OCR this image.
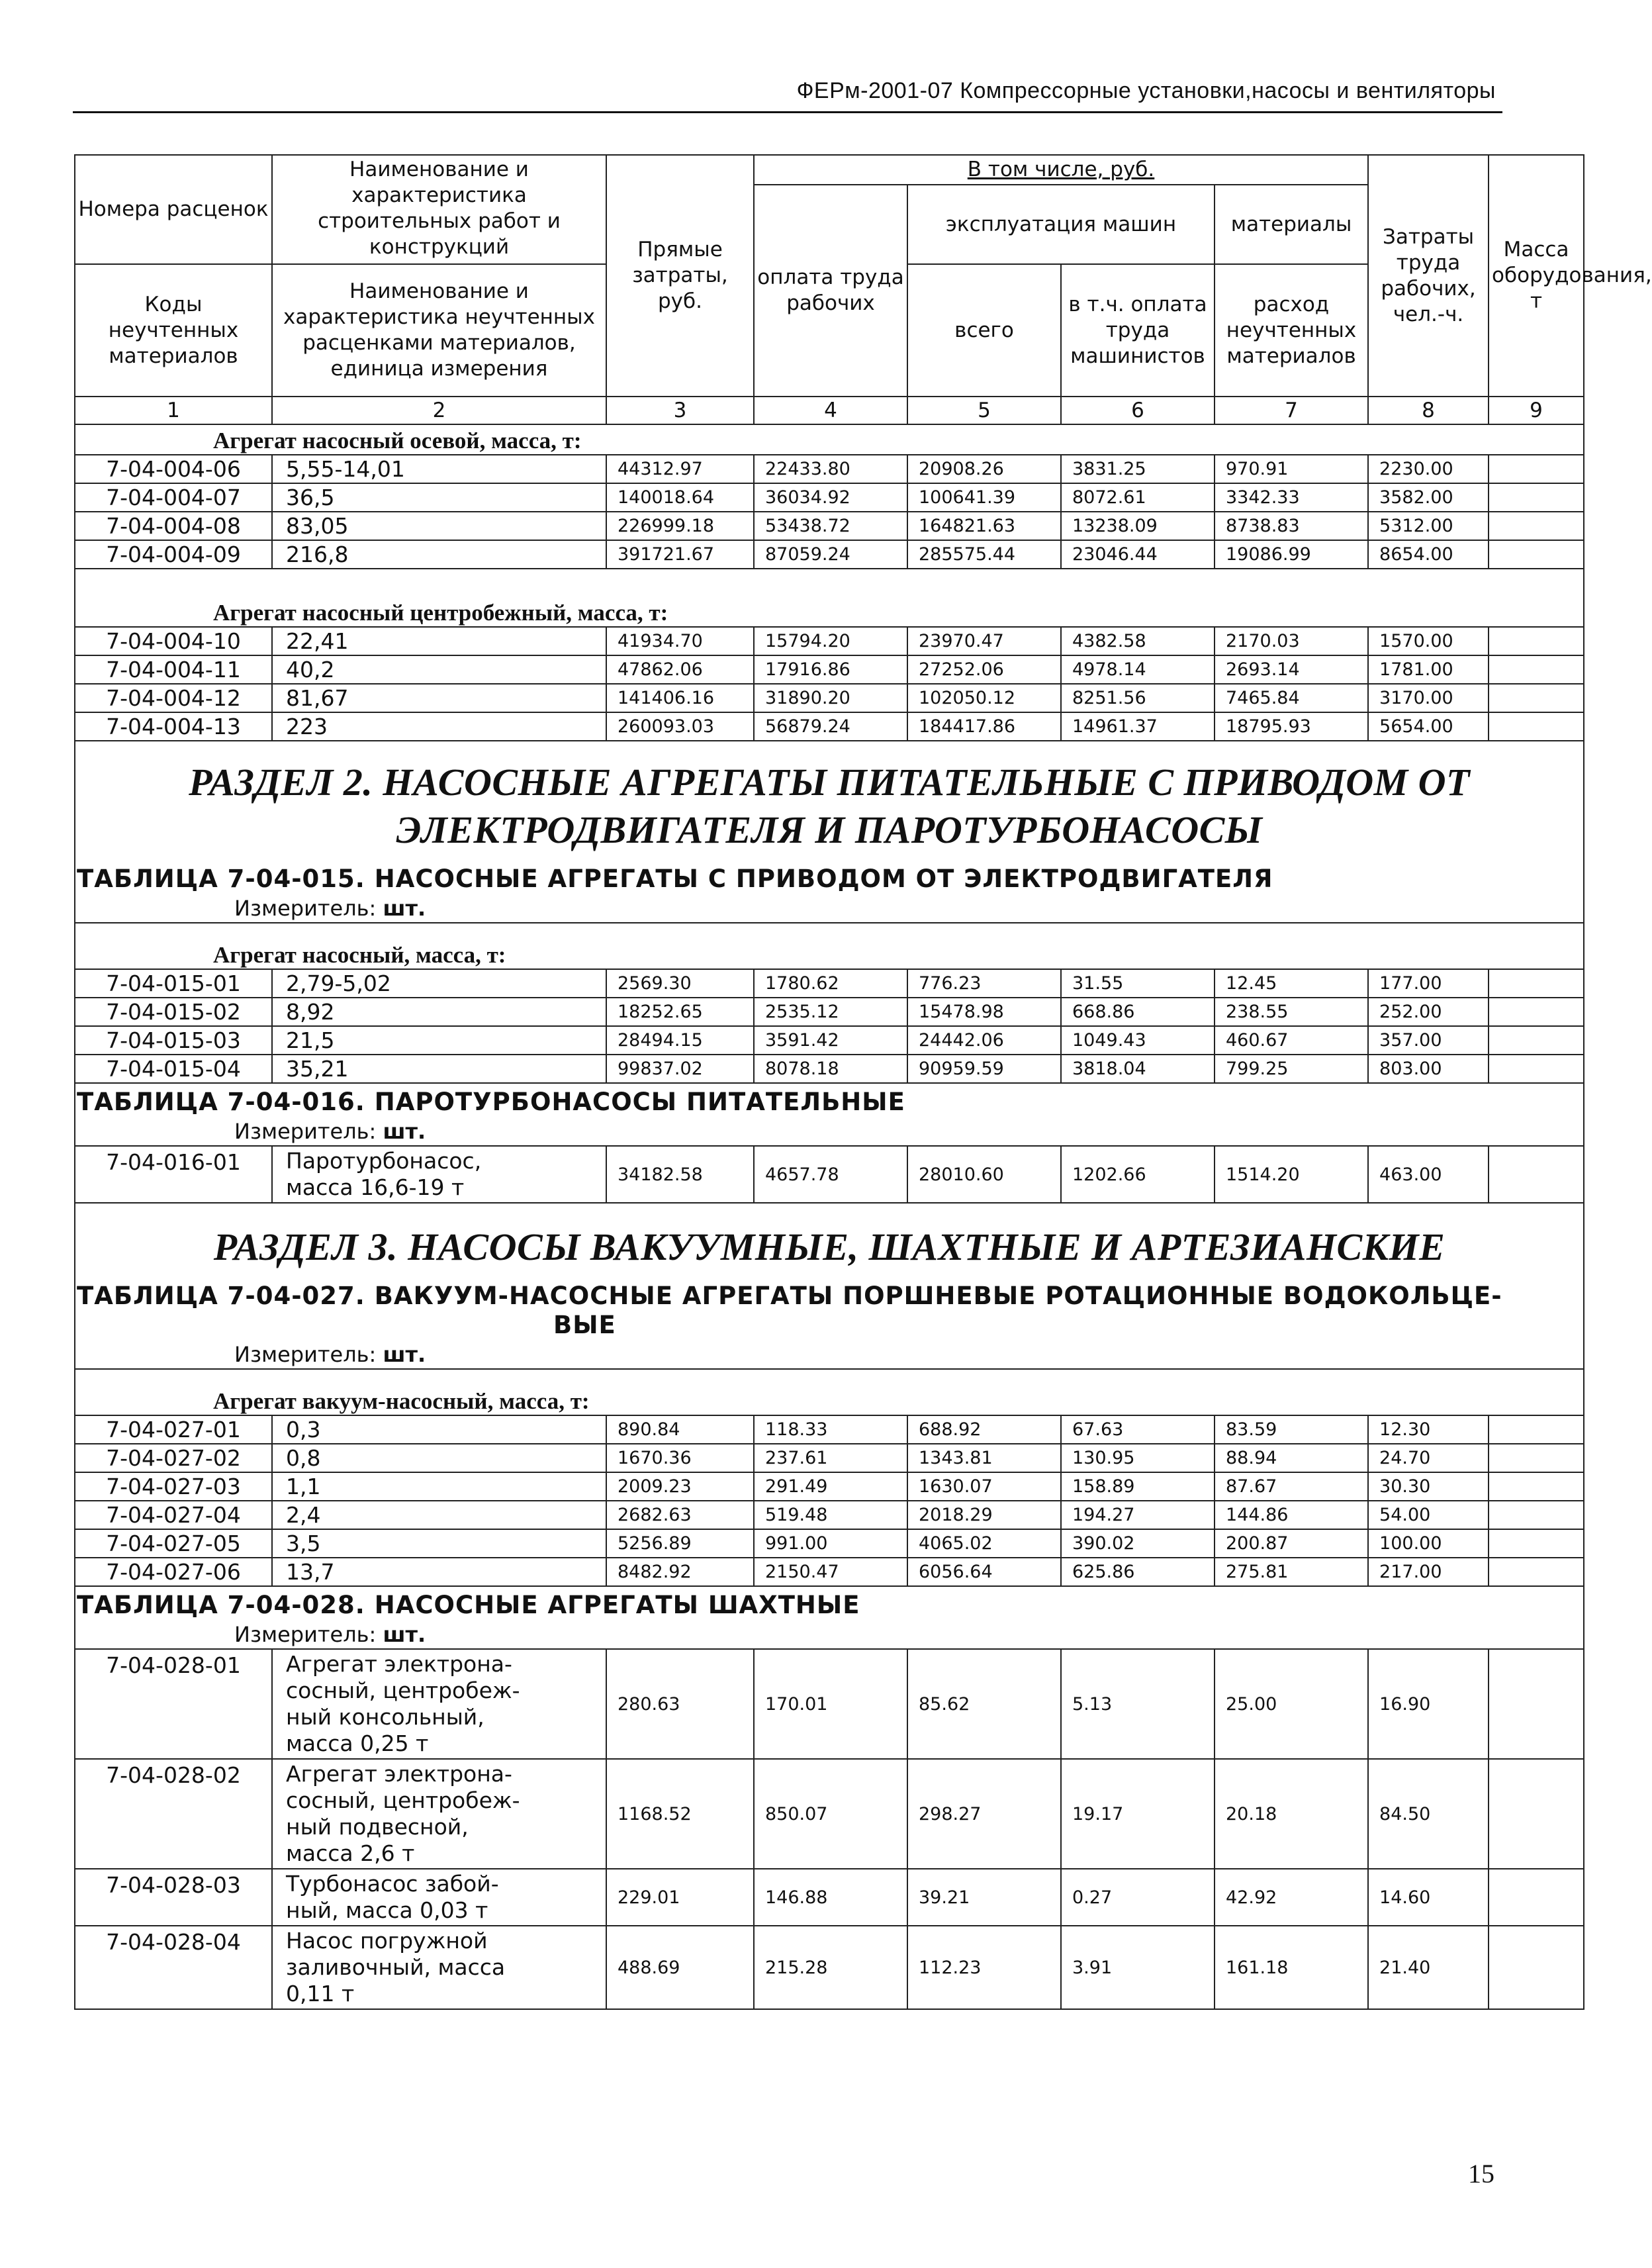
ФЕРм-2001-07 Компрессорные установки,насосы и вентиляторы
Номера расценок	Наименование и характеристика строительных работ и конструкций	Прямые затраты, руб.	В том числе, руб.				Затраты труда рабочих, чел.-ч.	Масса оборудования, т
			оплата труда рабочих	эксплуатация машин		материалы		
				всего	в т.ч. оплата труда машинистов	расход неучтенных материалов		
Коды неучтенных материалов	Наименование и характеристика неучтенных расценками материалов, единица измерения							

1	2	3	4	5	6	7	8	9
Агрегат насосный осевой, масса, т:								
7-04-004-06	5,55-14,01	44312.97	22433.80	20908.26	3831.25	970.91	2230.00	
7-04-004-07	36,5	140018.64	36034.92	100641.39	8072.61	3342.33	3582.00	
7-04-004-08	83,05	226999.18	53438.72	164821.63	13238.09	8738.83	5312.00	
7-04-004-09	216,8	391721.67	87059.24	285575.44	23046.44	19086.99	8654.00	
Агрегат насосный центробежный, масса, т:								
7-04-004-10	22,41	41934.70	15794.20	23970.47	4382.58	2170.03	1570.00	
7-04-004-11	40,2	47862.06	17916.86	27252.06	4978.14	2693.14	1781.00	
7-04-004-12	81,67	141406.16	31890.20	102050.12	8251.56	7465.84	3170.00	
7-04-004-13	223	260093.03	56879.24	184417.86	14961.37	18795.93	5654.00	
РАЗДЕЛ 2. НАСОСНЫЕ АГРЕГАТЫ ПИТАТЕЛЬНЫЕ С ПРИВОДОМ ОТ
ЭЛЕКТРОДВИГАТЕЛЯ И ПАРОТУРБОНАСОСЫ								
ТАБЛИЦА 7-04-015. НАСОСНЫЕ АГРЕГАТЫ С ПРИВОДОМ ОТ ЭЛЕКТРОДВИГАТЕЛЯ								
Измеритель: шт.								
Агрегат насосный, масса, т:								
7-04-015-01	2,79-5,02	2569.30	1780.62	776.23	31.55	12.45	177.00	
7-04-015-02	8,92	18252.65	2535.12	15478.98	668.86	238.55	252.00	
7-04-015-03	21,5	28494.15	3591.42	24442.06	1049.43	460.67	357.00	
7-04-015-04	35,21	99837.02	8078.18	90959.59	3818.04	799.25	803.00	
ТАБЛИЦА 7-04-016. ПАРОТУРБОНАСОСЫ ПИТАТЕЛЬНЫЕ								
Измеритель: шт.								
7-04-016-01	Паротурбонасос,
масса 16,6-19 т	34182.58	4657.78	28010.60	1202.66	1514.20	463.00	
РАЗДЕЛ 3. НАСОСЫ ВАКУУМНЫЕ, ШАХТНЫЕ И АРТЕЗИАНСКИЕ								
ТАБЛИЦА 7-04-027. ВАКУУМ-НАСОСНЫЕ АГРЕГАТЫ ПОРШНЕВЫЕ РОТАЦИОННЫЕ ВОДОКОЛЬЦЕ-
ВЫЕ								
Измеритель: шт.								
Агрегат вакуум-насосный, масса, т:								
7-04-027-01	0,3	890.84	118.33	688.92	67.63	83.59	12.30	
7-04-027-02	0,8	1670.36	237.61	1343.81	130.95	88.94	24.70	
7-04-027-03	1,1	2009.23	291.49	1630.07	158.89	87.67	30.30	
7-04-027-04	2,4	2682.63	519.48	2018.29	194.27	144.86	54.00	
7-04-027-05	3,5	5256.89	991.00	4065.02	390.02	200.87	100.00	
7-04-027-06	13,7	8482.92	2150.47	6056.64	625.86	275.81	217.00	
ТАБЛИЦА 7-04-028. НАСОСНЫЕ АГРЕГАТЫ ШАХТНЫЕ								
Измеритель: шт.								
7-04-028-01	Агрегат электрона-
сосный, центробеж-
ный консольный,
масса 0,25 т	280.63	170.01	85.62	5.13	25.00	16.90	
7-04-028-02	Агрегат электрона-
сосный, центробеж-
ный подвесной,
масса 2,6 т	1168.52	850.07	298.27	19.17	20.18	84.50	
7-04-028-03	Турбонасос забой-
ный, масса 0,03 т	229.01	146.88	39.21	0.27	42.92	14.60	
7-04-028-04	Насос погружной
заливочный, масса
0,11 т	488.69	215.28	112.23	3.91	161.18	21.40	
15
